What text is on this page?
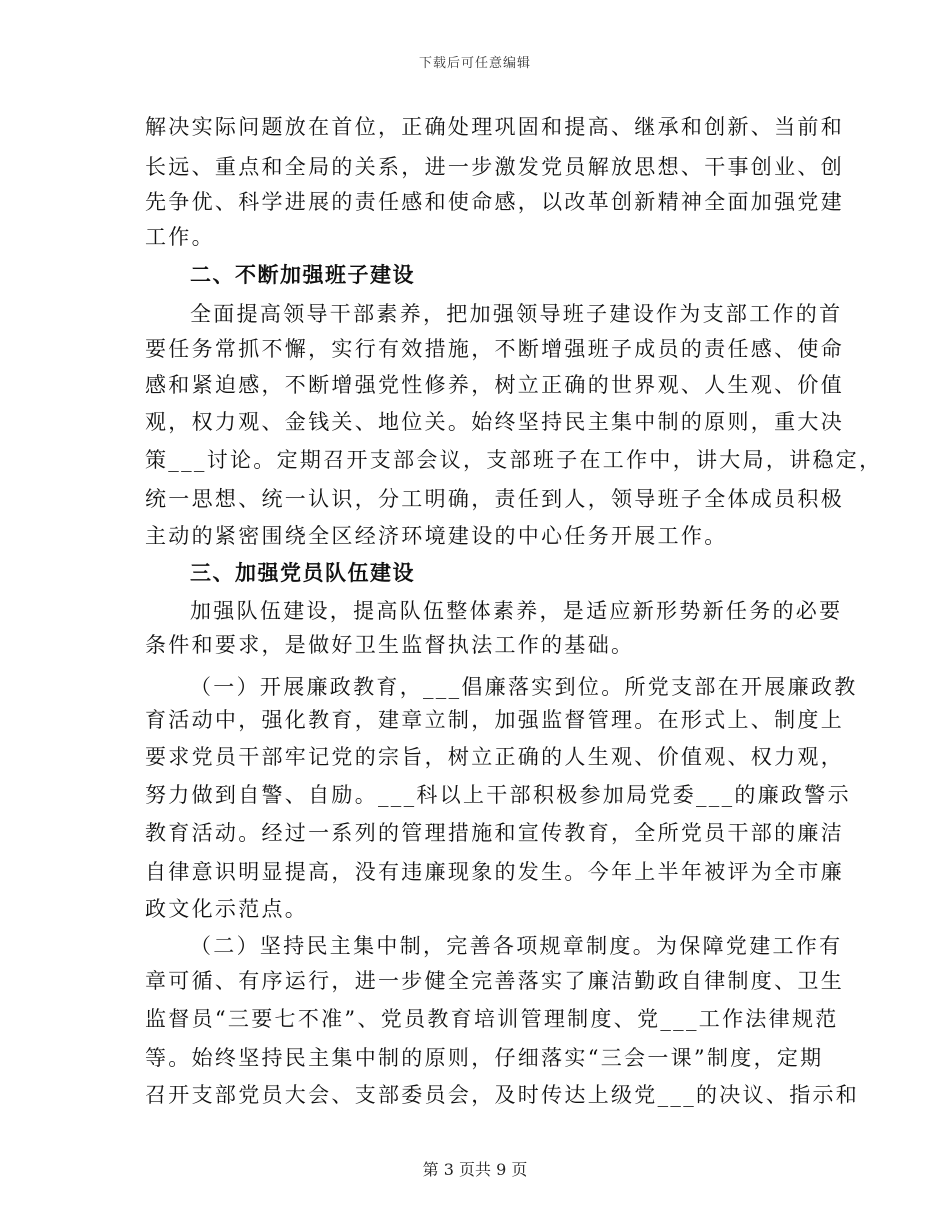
下载后可任意编辑
解决实际问题放在首位，正确处理巩固和提高、继承和创新、当前和
长远、重点和全局的关系，进一步激发党员解放思想、干事创业、创
先争优、科学进展的责任感和使命感，以改革创新精神全面加强党建
工作。
二、不断加强班子建设
全面提高领导干部素养，把加强领导班子建设作为支部工作的首
要任务常抓不懈，实行有效措施，不断增强班子成员的责任感、使命
感和紧迫感，不断增强党性修养，树立正确的世界观、人生观、价值
观，权力观、金钱关、地位关。始终坚持民主集中制的原则，重大决
策___讨论。定期召开支部会议，支部班子在工作中，讲大局，讲稳定，
统一思想、统一认识，分工明确，责任到人，领导班子全体成员积极
主动的紧密围绕全区经济环境建设的中心任务开展工作。
三、加强党员队伍建设
加强队伍建设，提高队伍整体素养，是适应新形势新任务的必要
条件和要求，是做好卫生监督执法工作的基础。
（一）开展廉政教育，___倡廉落实到位。所党支部在开展廉政教
育活动中，强化教育，建章立制，加强监督管理。在形式上、制度上
要求党员干部牢记党的宗旨，树立正确的人生观、价值观、权力观，
努力做到自警、自励。___科以上干部积极参加局党委___的廉政警示
教育活动。经过一系列的管理措施和宣传教育，全所党员干部的廉洁
自律意识明显提高，没有违廉现象的发生。今年上半年被评为全市廉
政文化示范点。
（二）坚持民主集中制，完善各项规章制度。为保障党建工作有
章可循、有序运行，进一步健全完善落实了廉洁勤政自律制度、卫生
监督员“三要七不准”、党员教育培训管理制度、党___工作法律规范
等。始终坚持民主集中制的原则，仔细落实“三会一课”制度，定期
召开支部党员大会、支部委员会，及时传达上级党___的决议、指示和
第 3 页共 9 页
